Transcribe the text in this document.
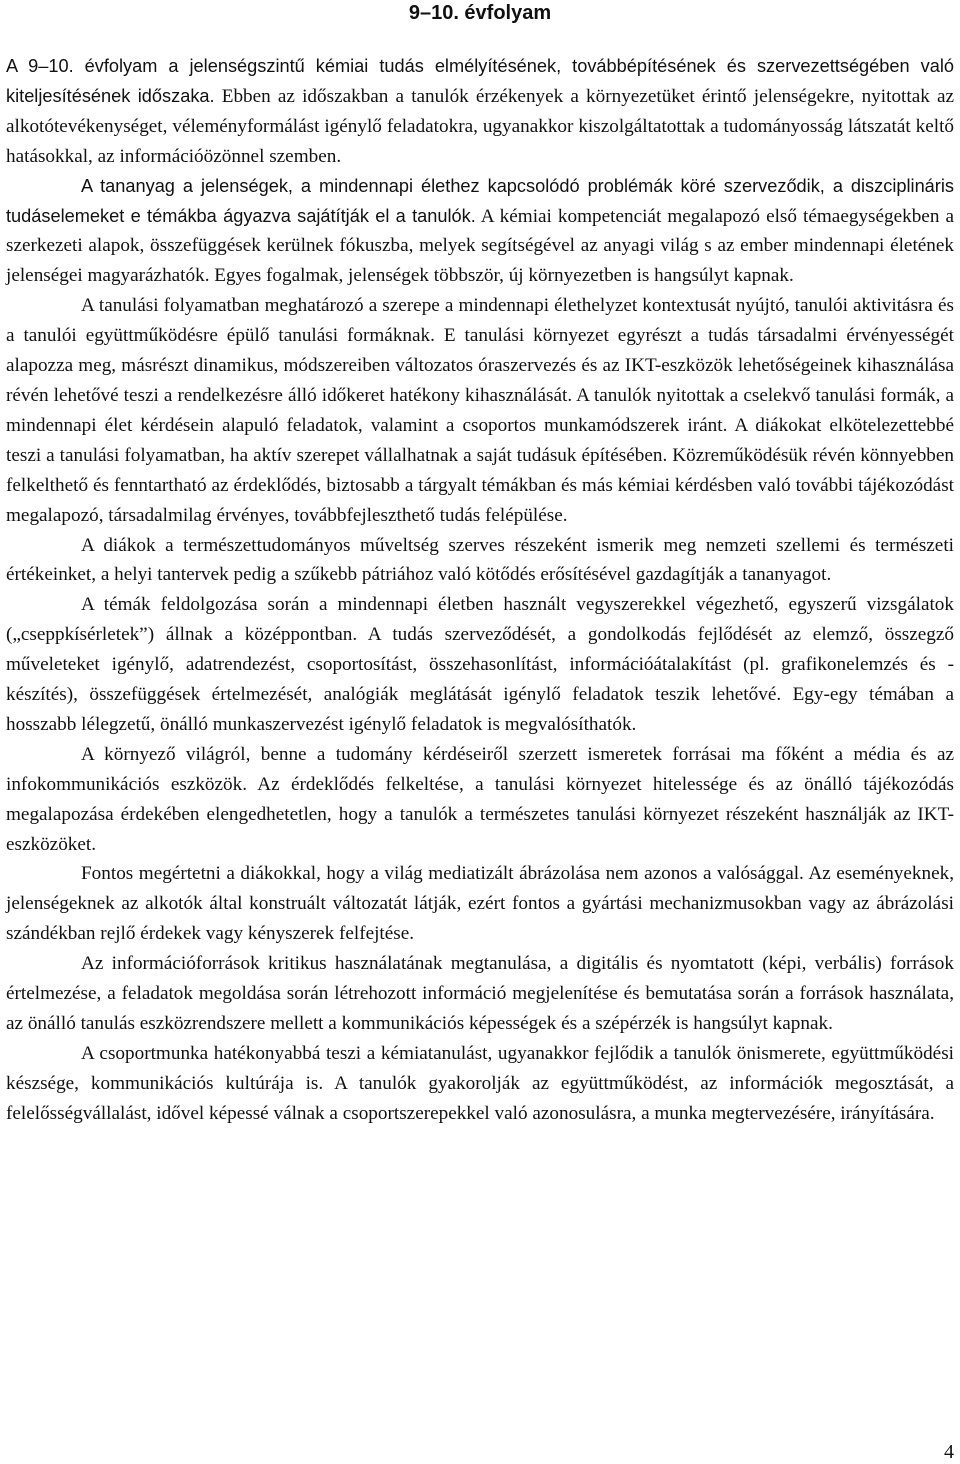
9–10. évfolyam

A 9–10. évfolyam a jelenségszintű kémiai tudás elmélyítésének, továbbépítésének és szervezettségében való kiteljesítésének időszaka. Ebben az időszakban a tanulók érzékenyek a környezetüket érintő jelenségekre, nyitottak az alkotótevékenységet, véleményformálást igénylő feladatokra, ugyanakkor kiszolgáltatottak a tudományosság látszatát keltő hatásokkal, az információözönnel szemben.

A tananyag a jelenségek, a mindennapi élethez kapcsolódó problémák köré szerveződik, a diszciplináris tudáselemeket e témákba ágyazva sajátítják el a tanulók. A kémiai kompetenciát megalapozó első témaegységekben a szerkezeti alapok, összefüggések kerülnek fókuszba, melyek segítségével az anyagi világ s az ember mindennapi életének jelenségei magyarázhatók. Egyes fogalmak, jelenségek többször, új környezetben is hangsúlyt kapnak.

A tanulási folyamatban meghatározó a szerepe a mindennapi élethelyzet kontextusát nyújtó, tanulói aktivitásra és a tanulói együttműködésre épülő tanulási formáknak. E tanulási környezet egyrészt a tudás társadalmi érvényességét alapozza meg, másrészt dinamikus, módszereiben változatos óraszervezés és az IKT-eszközök lehetőségeinek kihasználása révén lehetővé teszi a rendelkezésre álló időkeret hatékony kihasználását. A tanulók nyitottak a cselekvő tanulási formák, a mindennapi élet kérdésein alapuló feladatok, valamint a csoportos munkamódszerek iránt. A diákokat elkötelezettebbé teszi a tanulási folyamatban, ha aktív szerepet vállalhatnak a saját tudásuk építésében. Közreműködésük révén könnyebben felkelthető és fenntartható az érdeklődés, biztosabb a tárgyalt témákban és más kémiai kérdésben való további tájékozódást megalapozó, társadalmilag érvényes, továbbfejleszthető tudás felépülése.

A diákok a természettudományos műveltség szerves részeként ismerik meg nemzeti szellemi és természeti értékeinket, a helyi tantervek pedig a szűkebb pátriához való kötődés erősítésével gazdagítják a tananyagot.

A témák feldolgozása során a mindennapi életben használt vegyszerekkel végezhető, egyszerű vizsgálatok („cseppkísérletek”) állnak a középpontban. A tudás szerveződését, a gondolkodás fejlődését az elemző, összegző műveleteket igénylő, adatrendezést, csoportosítást, összehasonlítást, információátalakítást (pl. grafikonelemzés és -készítés), összefüggések értelmezését, analógiák meglátását igénylő feladatok teszik lehetővé. Egy-egy témában a hosszabb lélegzetű, önálló munkaszervezést igénylő feladatok is megvalósíthatók.

A környező világról, benne a tudomány kérdéseiről szerzett ismeretek forrásai ma főként a média és az infokommunikációs eszközök. Az érdeklődés felkeltése, a tanulási környezet hitelessége és az önálló tájékozódás megalapozása érdekében elengedhetetlen, hogy a tanulók a természetes tanulási környezet részeként használják az IKT-eszközöket.

Fontos megértetni a diákokkal, hogy a világ mediatizált ábrázolása nem azonos a valósággal. Az eseményeknek, jelenségeknek az alkotók által konstruált változatát látják, ezért fontos a gyártási mechanizmusokban vagy az ábrázolási szándékban rejlő érdekek vagy kényszerek felfejtése.

Az információforrások kritikus használatának megtanulása, a digitális és nyomtatott (képi, verbális) források értelmezése, a feladatok megoldása során létrehozott információ megjelenítése és bemutatása során a források használata, az önálló tanulás eszközrendszere mellett a kommunikációs képességek és a szépérzék is hangsúlyt kapnak.

A csoportmunka hatékonyabbá teszi a kémiatanulást, ugyanakkor fejlődik a tanulók önismerete, együttműködési készsége, kommunikációs kultúrája is. A tanulók gyakorolják az együttműködést, az információk megosztását, a felelősségvállalást, idővel képessé válnak a csoportszerepekkel való azonosulásra, a munka megtervezésére, irányítására.

4
